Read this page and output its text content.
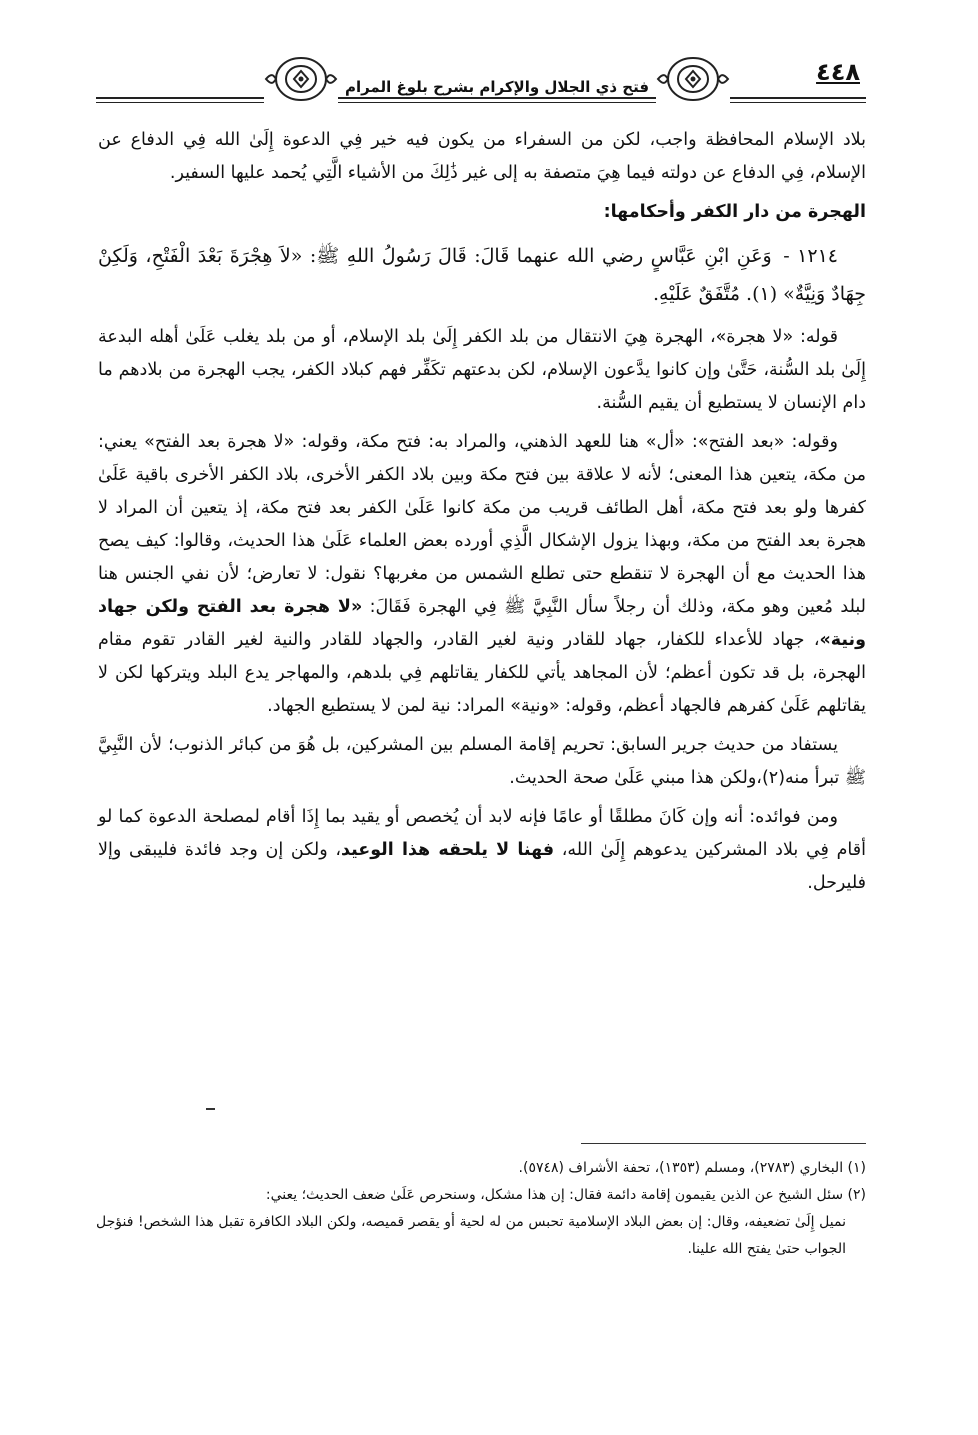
فتح ذي الجلال والإكرام بشرح بلوغ المرام
٤٤٨

بلاد الإسلام المحافظة واجب، لكن من السفراء من يكون فيه خير فِي الدعوة إِلَىٰ الله فِي الدفاع عن الإسلام، فِي الدفاع عن دولته فيما هِيَ متصفة به إلى غير ذَٰلِكَ من الأشياء الَّتِي يُحمد عليها السفير.

الهجرة من دار الكفر وأحكامها:

١٢١٤ - وَعَنِ ابْنِ عَبَّاسٍ رضي الله عنهما قَالَ: قَالَ رَسُولُ اللهِ ﷺ: «لاَ هِجْرَةَ بَعْدَ الْفَتْحِ، وَلَكِنْ جِهَادٌ وَنِيَّةٌ» (١). مُتَّفَقٌ عَلَيْهِ.

قوله: «لا هجرة»، الهجرة هِيَ الانتقال من بلد الكفر إِلَىٰ بلد الإسلام، أو من بلد يغلب عَلَىٰ أهله البدعة إِلَىٰ بلد السُّنة، حَتَّىٰ وإن كانوا يدَّعون الإسلام، لكن بدعتهم تكَفِّر فهم كبلاد الكفر، يجب الهجرة من بلادهم ما دام الإنسان لا يستطيع أن يقيم السُّنة.

وقوله: «بعد الفتح»: «أل» هنا للعهد الذهني، والمراد به: فتح مكة، وقوله: «لا هجرة بعد الفتح» يعني: من مكة، يتعين هذا المعنى؛ لأنه لا علاقة بين فتح مكة وبين بلاد الكفر الأخرى، بلاد الكفر الأخرى باقية عَلَىٰ كفرها ولو بعد فتح مكة، أهل الطائف قريب من مكة كانوا عَلَىٰ الكفر بعد فتح مكة، إذ يتعين أن المراد لا هجرة بعد الفتح من مكة، وبهذا يزول الإشكال الَّذِي أورده بعض العلماء عَلَىٰ هذا الحديث، وقالوا: كيف يصح هذا الحديث مع أن الهجرة لا تنقطع حتى تطلع الشمس من مغربها؟ نقول: لا تعارض؛ لأن نفي الجنس هنا لبلد مُعين وهو مكة، وذلك أن رجلاً سأل النَّبِيَّ ﷺ فِي الهجرة فَقَالَ: «لا هجرة بعد الفتح ولكن جهاد ونية»، جهاد للأعداء للكفار، جهاد للقادر ونية لغير القادر، والجهاد للقادر والنية لغير القادر تقوم مقام الهجرة، بل قد تكون أعظم؛ لأن المجاهد يأتي للكفار يقاتلهم فِي بلدهم، والمهاجر يدع البلد ويتركها لكن لا يقاتلهم عَلَىٰ كفرهم فالجهاد أعظم، وقوله: «ونية» المراد: نية لمن لا يستطيع الجهاد.

يستفاد من حديث جرير السابق: تحريم إقامة المسلم بين المشركين، بل هُوَ من كبائر الذنوب؛ لأن النَّبِيَّ ﷺ تبرأ منه(٢)،ولكن هذا مبني عَلَىٰ صحة الحديث.

ومن فوائده: أنه وإن كَانَ مطلقًا أو عامًا فإنه لابد أن يُخصص أو يقيد بما إِذَا أقام لمصلحة الدعوة كما لو أقام فِي بلاد المشركين يدعوهم إِلَىٰ الله، فهنا لا يلحقه هذا الوعيد، ولكن إن وجد فائدة فليبقى وإلا فليرحل.

(١) البخاري (٢٧٨٣)، ومسلم (١٣٥٣)، تحفة الأشراف (٥٧٤٨).

(٢) سئل الشيخ عن الذين يقيمون إقامة دائمة فقال: إن هذا مشكل، وسنحرص عَلَىٰ ضعف الحديث؛ يعني:

نميل إِلَىٰ تضعيفه، وقال: إن بعض البلاد الإسلامية تحبس من له لحية أو يقصر قميصه، ولكن البلاد الكافرة تقبل هذا الشخص! فنؤجل الجواب حتىٰ يفتح الله علينا.
